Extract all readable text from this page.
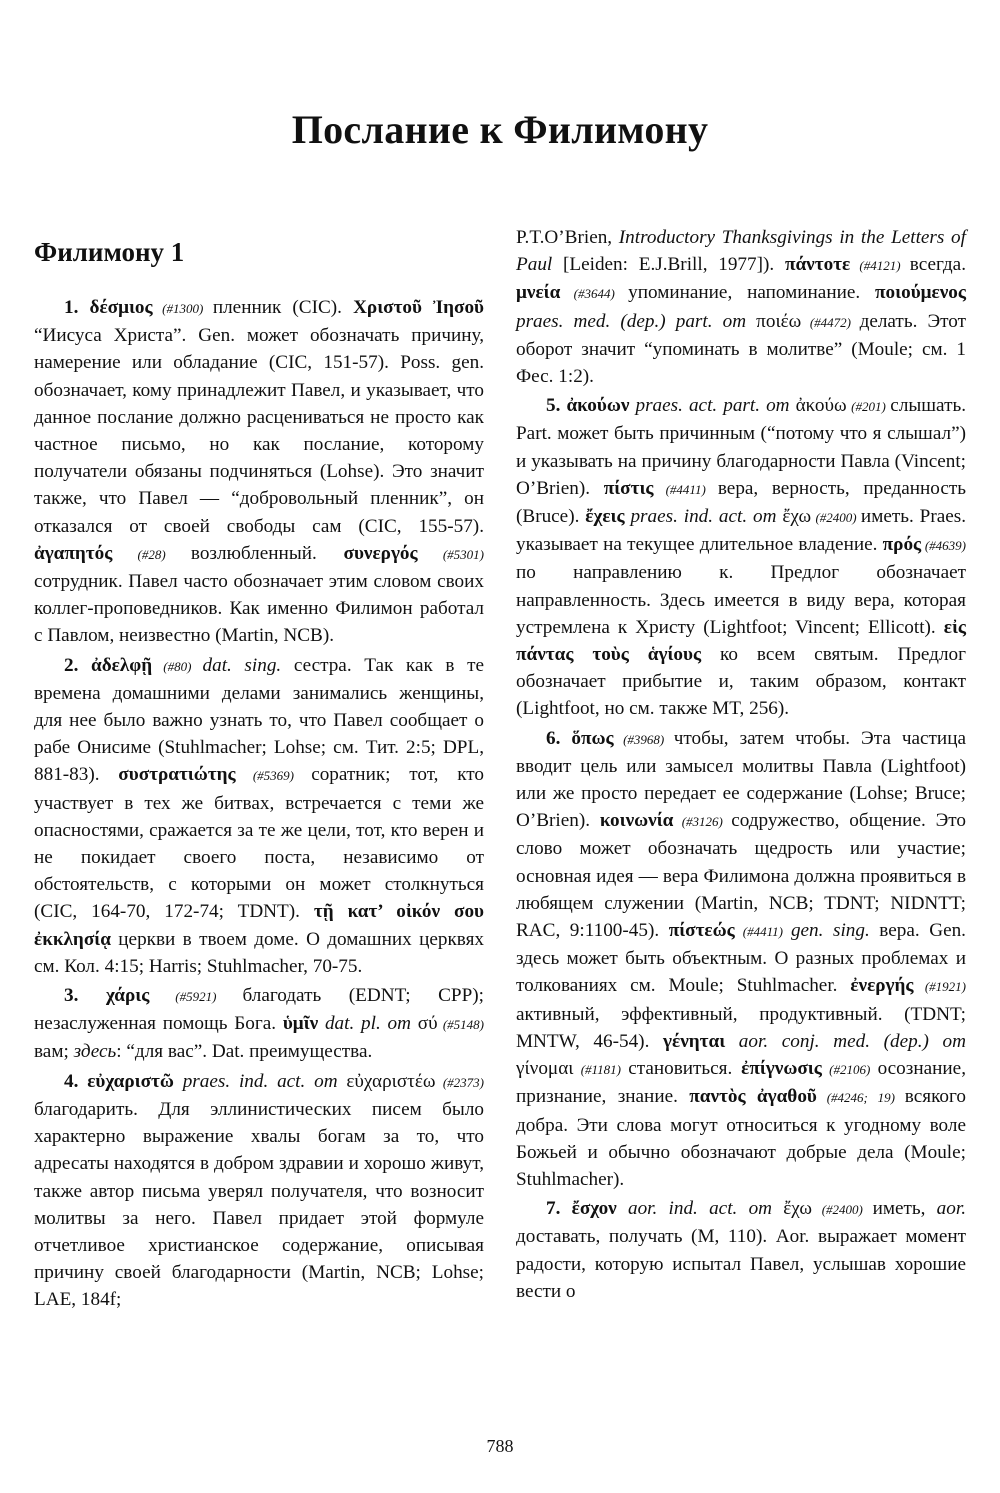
Послание к Филимону
Филимону 1
1. δέσμιος (#1300) пленник (CIC). Χριστοῦ Ἰησοῦ “Иисуса Христа”. Gen. может обозначать причину, намерение или обладание (CIC, 151-57). Poss. gen. обозначает, кому принадлежит Павел, и указывает, что данное послание должно расцениваться не просто как частное письмо, но как послание, которому получатели обязаны подчиняться (Lohse). Это значит также, что Павел — “добровольный пленник”, он отказался от своей свободы сам (CIC, 155-57). ἀγαπητός (#28) возлюбленный. συνεργός (#5301) сотрудник. Павел часто обозначает этим словом своих коллег-проповедников. Как именно Филимон работал с Павлом, неизвестно (Martin, NCB).
2. ἀδελφῇ (#80) dat. sing. сестра. Так как в те времена домашними делами занимались женщины, для нее было важно узнать то, что Павел сообщает о рабе Онисиме (Stuhlmacher; Lohse; см. Тит. 2:5; DPL, 881-83). συστρατιώτης (#5369) соратник; тот, кто участвует в тех же битвах, встречается с теми же опасностями, сражается за те же цели, тот, кто верен и не покидает своего поста, независимо от обстоятельств, с которыми он может столкнуться (CIC, 164-70, 172-74; TDNT). τῇ κατ’ οἰκόν σου ἐκκλησίᾳ церкви в твоем доме. О домашних церквях см. Кол. 4:15; Harris; Stuhlmacher, 70-75.
3. χάρις (#5921) благодать (EDNT; CPP); незаслуженная помощь Бога. ὑμῖν dat. pl. от σύ (#5148) вам; здесь: “для вас”. Dat. преимущества.
4. εὐχαριστῶ praes. ind. act. от εὐχαριστέω (#2373) благодарить. Для эллинистических писем было характерно выражение хвалы богам за то, что адресаты находятся в добром здравии и хорошо живут, также автор письма уверял получателя, что возносит молитвы за него. Павел придает этой формуле отчетливое христианское содержание, описывая причину своей благодарности (Martin, NCB; Lohse; LAE, 184f;
P.T.O’Brien, Introductory Thanksgivings in the Letters of Paul [Leiden: E.J.Brill, 1977]). πάντοτε (#4121) всегда. μνεία (#3644) упоминание, напоминание. ποιούμενος praes. med. (dep.) part. от ποιέω (#4472) делать. Этот оборот значит “упоминать в молитве” (Moule; см. 1 Фес. 1:2).
5. ἀκούων praes. act. part. от ἀκούω (#201) слышать. Part. может быть причинным (“потому что я слышал”) и указывать на причину благодарности Павла (Vincent; O’Brien). πίστις (#4411) вера, верность, преданность (Bruce). ἔχεις praes. ind. act. от ἔχω (#2400) иметь. Praes. указывает на текущее длительное владение. πρός (#4639) по направлению к. Предлог обозначает направленность. Здесь имеется в виду вера, которая устремлена к Христу (Lightfoot; Vincent; Ellicott). εἰς πάντας τοὺς ἁγίους ко всем святым. Предлог обозначает прибытие и, таким образом, контакт (Lightfoot, но см. также MT, 256).
6. ὅπως (#3968) чтобы, затем чтобы. Эта частица вводит цель или замысел молитвы Павла (Lightfoot) или же просто передает ее содержание (Lohse; Bruce; O’Brien). κοινωνία (#3126) содружество, общение. Это слово может обозначать щедрость или участие; основная идея — вера Филимона должна проявиться в любящем служении (Martin, NCB; TDNT; NIDNTT; RAC, 9:1100-45). πίστεώς (#4411) gen. sing. вера. Gen. здесь может быть объектным. О разных проблемах и толкованиях см. Moule; Stuhlmacher. ἐνεργής (#1921) активный, эффективный, продуктивный. (TDNT; MNTW, 46-54). γένηται aor. conj. med. (dep.) от γίνομαι (#1181) становиться. ἐπίγνωσις (#2106) осознание, признание, знание. παντὸς ἀγαθοῦ (#4246; 19) всякого добра. Эти слова могут относиться к угодному воле Божьей и обычно обозначают добрые дела (Moule; Stuhlmacher).
7. ἔσχον aor. ind. act. от ἔχω (#2400) иметь, aor. доставать, получать (M, 110). Aor. выражает момент радости, которую испытал Павел, услышав хорошие вести о
788
